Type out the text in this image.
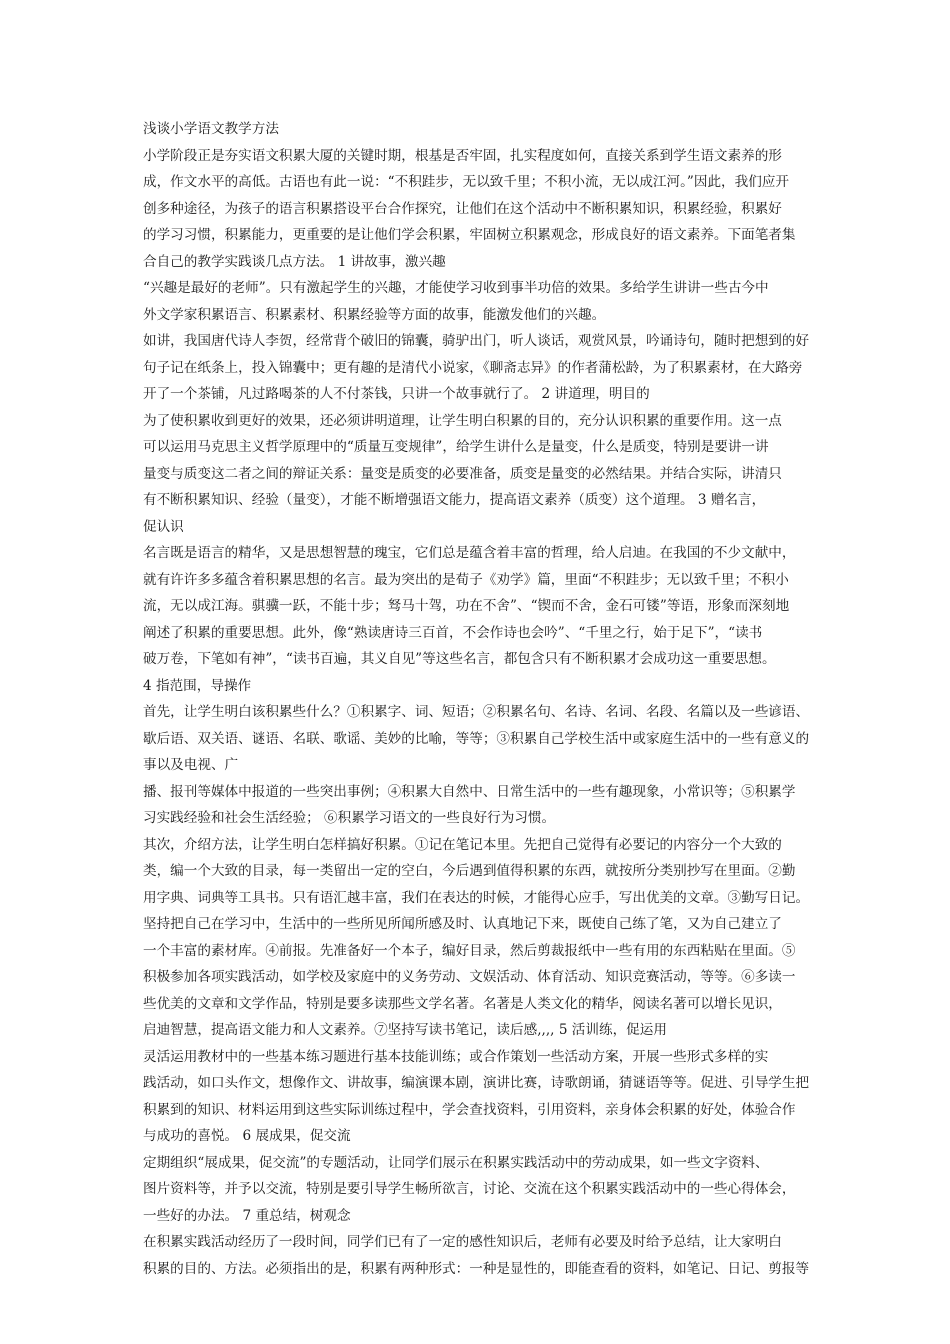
浅谈小学语文教学方法
小学阶段正是夯实语文积累大厦的关键时期，根基是否牢固，扎实程度如何，直接关系到学生语文素养的形
成，作文水平的高低。古语也有此一说：“不积跬步，无以致千里；不积小流，无以成江河。”因此，我们应开
创多种途径，为孩子的语言积累搭设平台合作探究，让他们在这个活动中不断积累知识，积累经验，积累好
的学习习惯，积累能力，更重要的是让他们学会积累，牢固树立积累观念，形成良好的语文素养。下面笔者集
合自己的教学实践谈几点方法。 1 讲故事，激兴趣
“兴趣是最好的老师”。只有激起学生的兴趣，才能使学习收到事半功倍的效果。多给学生讲讲一些古今中
外文学家积累语言、积累素材、积累经验等方面的故事，能激发他们的兴趣。
如讲，我国唐代诗人李贺，经常背个破旧的锦囊，骑驴出门，听人谈话，观赏风景，吟诵诗句，随时把想到的好
句子记在纸条上，投入锦囊中；更有趣的是清代小说家，《聊斋志异》的作者蒲松龄，为了积累素材，在大路旁
开了一个茶铺，凡过路喝茶的人不付茶钱，只讲一个故事就行了。 2 讲道理，明目的
为了使积累收到更好的效果，还必须讲明道理，让学生明白积累的目的，充分认识积累的重要作用。这一点
可以运用马克思主义哲学原理中的“质量互变规律”，给学生讲什么是量变，什么是质变，特别是要讲一讲
量变与质变这二者之间的辩证关系：量变是质变的必要准备，质变是量变的必然结果。并结合实际，讲清只
有不断积累知识、经验（量变），才能不断增强语文能力，提高语文素养（质变）这个道理。 3 赠名言，
促认识
名言既是语言的精华，又是思想智慧的瑰宝，它们总是蕴含着丰富的哲理，给人启迪。在我国的不少文献中，
就有许许多多蕴含着积累思想的名言。最为突出的是荀子《劝学》篇，里面“不积跬步；无以致千里；不积小
流，无以成江海。骐骥一跃，不能十步；驽马十驾，功在不舍”、“锲而不舍，金石可镂”等语，形象而深刻地
阐述了积累的重要思想。此外，像“熟读唐诗三百首，不会作诗也会吟”、“千里之行，始于足下”，“读书
破万卷，下笔如有神”，“读书百遍，其义自见”等这些名言，都包含只有不断积累才会成功这一重要思想。
4 指范围，导操作
首先，让学生明白该积累些什么？①积累字、词、短语；②积累名句、名诗、名词、名段、名篇以及一些谚语、
歇后语、双关语、谜语、名联、歌谣、美妙的比喻，等等；③积累自己学校生活中或家庭生活中的一些有意义的
事以及电视、广
播、报刊等媒体中报道的一些突出事例；④积累大自然中、日常生活中的一些有趣现象，小常识等；⑤积累学
习实践经验和社会生活经验； ⑥积累学习语文的一些良好行为习惯。
其次，介绍方法，让学生明白怎样搞好积累。①记在笔记本里。先把自己觉得有必要记的内容分一个大致的
类，编一个大致的目录，每一类留出一定的空白，今后遇到值得积累的东西，就按所分类别抄写在里面。②勤
用字典、词典等工具书。只有语汇越丰富，我们在表达的时候，才能得心应手，写出优美的文章。③勤写日记。
坚持把自己在学习中，生活中的一些所见所闻所感及时、认真地记下来，既使自己练了笔，又为自己建立了
一个丰富的素材库。④前报。先准备好一个本子，编好目录，然后剪裁报纸中一些有用的东西粘贴在里面。⑤
积极参加各项实践活动，如学校及家庭中的义务劳动、文娱活动、体育活动、知识竞赛活动，等等。⑥多读一
些优美的文章和文学作品，特别是要多读那些文学名著。名著是人类文化的精华，阅读名著可以增长见识，
启迪智慧，提高语文能力和人文素养。⑦坚持写读书笔记，读后感,,,, 5 活训练，促运用
灵活运用教材中的一些基本练习题进行基本技能训练；或合作策划一些活动方案，开展一些形式多样的实
践活动，如口头作文，想像作文、讲故事，编演课本剧，演讲比赛，诗歌朗诵，猜谜语等等。促进、引导学生把
积累到的知识、材料运用到这些实际训练过程中，学会查找资料，引用资料，亲身体会积累的好处，体验合作
与成功的喜悦。 6 展成果，促交流
定期组织“展成果，促交流”的专题活动，让同学们展示在积累实践活动中的劳动成果，如一些文字资料、
图片资料等，并予以交流，特别是要引导学生畅所欲言，讨论、交流在这个积累实践活动中的一些心得体会，
一些好的办法。 7 重总结，树观念
在积累实践活动经历了一段时间，同学们已有了一定的感性知识后，老师有必要及时给予总结，让大家明白
积累的目的、方法。必须指出的是，积累有两种形式：一种是显性的，即能查看的资料，如笔记、日记、剪报等
